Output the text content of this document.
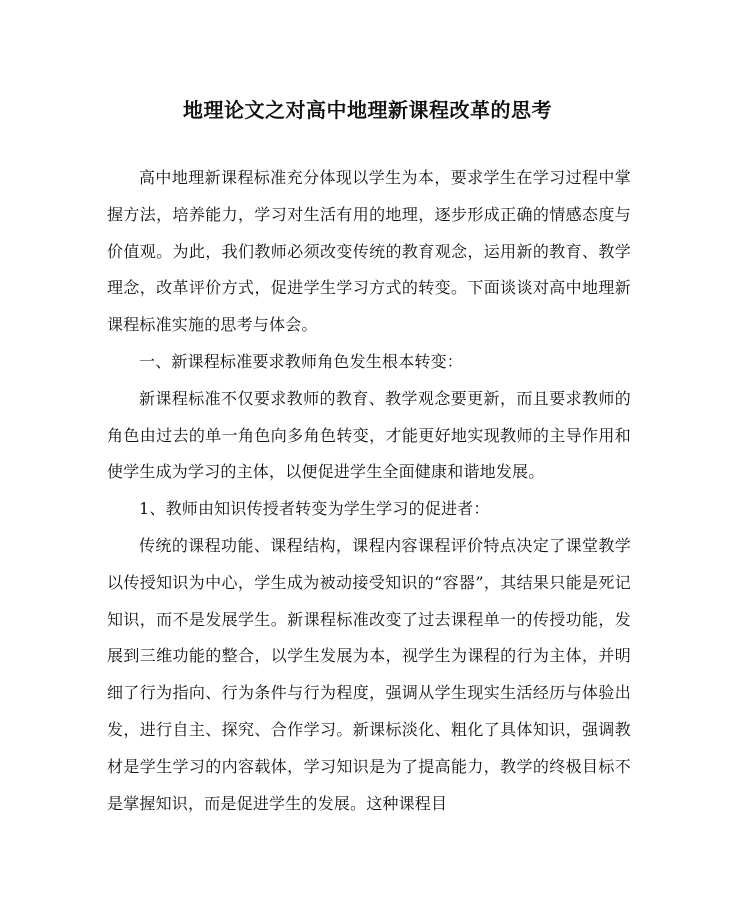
地理论文之对高中地理新课程改革的思考

高中地理新课程标准充分体现以学生为本，要求学生在学习过程中掌握方法，培养能力，学习对生活有用的地理，逐步形成正确的情感态度与价值观。为此，我们教师必须改变传统的教育观念，运用新的教育、教学理念，改革评价方式，促进学生学习方式的转变。下面谈谈对高中地理新课程标准实施的思考与体会。

一、新课程标准要求教师角色发生根本转变：

新课程标准不仅要求教师的教育、教学观念要更新，而且要求教师的角色由过去的单一角色向多角色转变，才能更好地实现教师的主导作用和使学生成为学习的主体，以便促进学生全面健康和谐地发展。

1、教师由知识传授者转变为学生学习的促进者：

传统的课程功能、课程结构，课程内容课程评价特点决定了课堂教学以传授知识为中心，学生成为被动接受知识的“容器”，其结果只能是死记知识，而不是发展学生。新课程标准改变了过去课程单一的传授功能，发展到三维功能的整合，以学生发展为本，视学生为课程的行为主体，并明细了行为指向、行为条件与行为程度，强调从学生现实生活经历与体验出发，进行自主、探究、合作学习。新课标淡化、粗化了具体知识，强调教材是学生学习的内容载体，学习知识是为了提高能力，教学的终极目标不是掌握知识，而是促进学生的发展。这种课程目
